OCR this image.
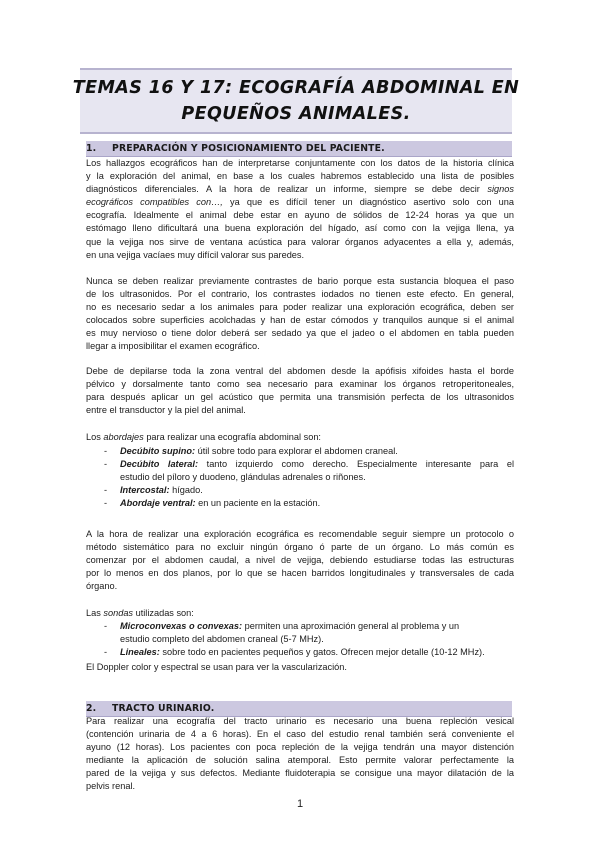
TEMAS 16 Y 17: ECOGRAFÍA ABDOMINAL EN
PEQUEÑOS ANIMALES.
1. PREPARACIÓN Y POSICIONAMIENTO DEL PACIENTE.
Los hallazgos ecográficos han de interpretarse conjuntamente con los datos de la historia clínica
y la exploración del animal, en base a los cuales habremos establecido una lista de posibles
diagnósticos diferenciales. A la hora de realizar un informe, siempre se debe decir signos
ecográficos compatibles con…, ya que es difícil tener un diagnóstico asertivo solo con una
ecografía. Idealmente el animal debe estar en ayuno de sólidos de 12-24 horas ya que un
estómago lleno dificultará una buena exploración del hígado, así como con la vejiga llena, ya
que la vejiga nos sirve de ventana acústica para valorar órganos adyacentes a ella y, además,
en una vejiga vacíaes muy difícil valorar sus paredes.
Nunca se deben realizar previamente contrastes de bario porque esta sustancia bloquea el paso
de los ultrasonidos. Por el contrario, los contrastes iodados no tienen este efecto. En general,
no es necesario sedar a los animales para poder realizar una exploración ecográfica, deben ser
colocados sobre superficies acolchadas y han de estar cómodos y tranquilos aunque si el animal
es muy nervioso o tiene dolor deberá ser sedado ya que el jadeo o el abdomen en tabla pueden
llegar a imposibilitar el examen ecográfico.
Debe de depilarse toda la zona ventral del abdomen desde la apófisis xifoides hasta el borde
pélvico y dorsalmente tanto como sea necesario para examinar los órganos retroperitoneales,
para después aplicar un gel acústico que permita una transmisión perfecta de los ultrasonidos
entre el transductor y la piel del animal.
Los abordajes para realizar una ecografía abdominal son:
- Decúbito supino: útil sobre todo para explorar el abdomen craneal.
- Decúbito lateral: tanto izquierdo como derecho. Especialmente interesante para el
estudio del píloro y duodeno, glándulas adrenales o riñones.
- Intercostal: hígado.
- Abordaje ventral: en un paciente en la estación.
A la hora de realizar una exploración ecográfica es recomendable seguir siempre un protocolo o
método sistemático para no excluir ningún órgano ó parte de un órgano. Lo más común es
comenzar por el abdomen caudal, a nivel de vejiga, debiendo estudiarse todas las estructuras
por lo menos en dos planos, por lo que se hacen barridos longitudinales y transversales de cada
órgano.
Las sondas utilizadas son:
- Microconvexas o convexas: permiten una aproximación general al problema y un
estudio completo del abdomen craneal (5-7 MHz).
- Lineales: sobre todo en pacientes pequeños y gatos. Ofrecen mejor detalle (10-12 MHz).
El Doppler color y espectral se usan para ver la vascularización.
2. TRACTO URINARIO.
Para realizar una ecografía del tracto urinario es necesario una buena repleción vesical
(contención urinaria de 4 a 6 horas). En el caso del estudio renal también será conveniente el
ayuno (12 horas). Los pacientes con poca repleción de la vejiga tendrán una mayor distención
mediante la aplicación de solución salina atemporal. Esto permite valorar perfectamente la
pared de la vejiga y sus defectos. Mediante fluidoterapia se consigue una mayor dilatación de la
pelvis renal.
1
